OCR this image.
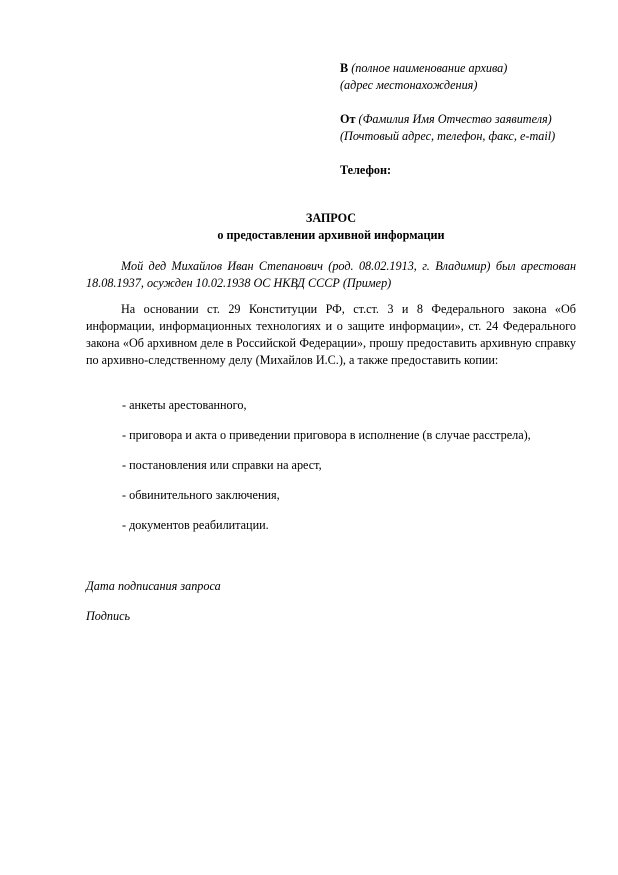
В (полное наименование архива)
(адрес местонахождения)
От (Фамилия Имя Отчество заявителя)
(Почтовый адрес, телефон, факс, e-mail)
Телефон:
ЗАПРОС
о предоставлении архивной информации
Мой дед Михайлов Иван Степанович (род. 08.02.1913, г. Владимир) был арестован 18.08.1937, осужден 10.02.1938 ОС НКВД СССР (Пример)
На основании ст. 29 Конституции РФ, ст.ст. 3 и 8 Федерального закона «Об информации, информационных технологиях и о защите информации», ст. 24 Федерального закона «Об архивном деле в Российской Федерации», прошу предоставить архивную справку по архивно-следственному делу (Михайлов И.С.), а также предоставить копии:
- анкеты арестованного,
- приговора и акта о приведении приговора в исполнение (в случае расстрела),
- постановления или справки на арест,
- обвинительного заключения,
- документов реабилитации.
Дата подписания запроса
Подпись
